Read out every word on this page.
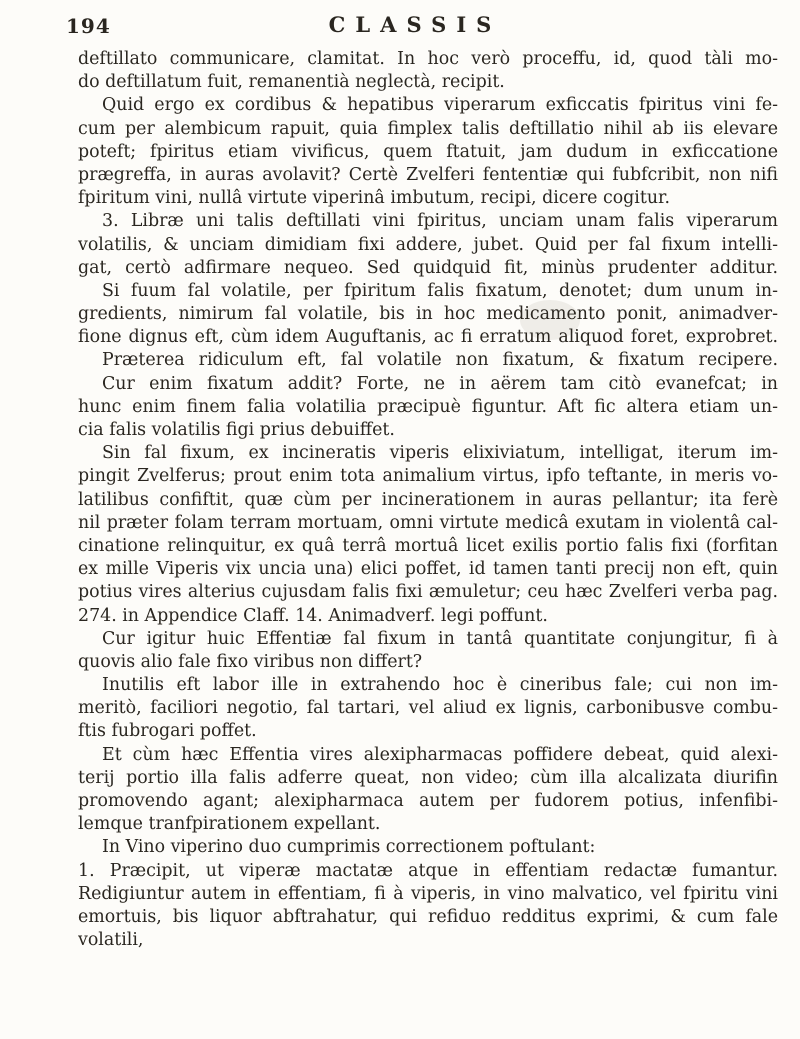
194	CLASSIS
deftillato communicare, clamitat. In hoc verò proceffu, id, quod tàli mo-
do deftillatum fuit, remanentià neglectà, recipit.
Quid ergo ex cordibus & hepatibus viperarum exficcatis fpiritus vini fe-
cum per alembicum rapuit, quia fimplex talis deftillatio nihil ab iis elevare
poteft; fpiritus etiam vivificus, quem ftatuit, jam dudum in exficcatione
prægreffa, in auras avolavit? Certè Zvelferi fententiæ qui fubfcribit, non nifi
fpiritum vini, nullâ virtute viperinâ imbutum, recipi, dicere cogitur.
3. Libræ uni talis deftillati vini fpiritus, unciam unam falis viperarum
volatilis, & unciam dimidiam fixi addere, jubet. Quid per fal fixum intelli-
gat, certò adfirmare nequeo. Sed quidquid fit, minùs prudenter additur.
Si fuum fal volatile, per fpiritum falis fixatum, denotet; dum unum in-
gredients, nimirum fal volatile, bis in hoc medicamento ponit, animadver-
fione dignus eft, cùm idem Auguftanis, ac fi erratum aliquod foret, exprobret.
Præterea ridiculum eft, fal volatile non fixatum, & fixatum recipere.
Cur enim fixatum addit? Forte, ne in aërem tam citò evanefcat; in
hunc enim finem falia volatilia præcipuè figuntur. Aft fic altera etiam un-
cia falis volatilis figi prius debuiffet.
Sin fal fixum, ex incineratis viperis elixiviatum, intelligat, iterum im-
pingit Zvelferus; prout enim tota animalium virtus, ipfo teftante, in meris vo-
latilibus confiftit, quæ cùm per incinerationem in auras pellantur; ita ferè
nil præter folam terram mortuam, omni virtute medicâ exutam in violentâ cal-
cinatione relinquitur, ex quâ terrâ mortuâ licet exilis portio falis fixi (forfitan
ex mille Viperis vix uncia una) elici poffet, id tamen tanti precij non eft, quin
potius vires alterius cujusdam falis fixi æmuletur; ceu hæc Zvelferi verba pag.
274. in Appendice Claff. 14. Animadverf. legi poffunt.
Cur igitur huic Effentiæ fal fixum in tantâ quantitate conjungitur, fi à
quovis alio fale fixo viribus non differt?
Inutilis eft labor ille in extrahendo hoc è cineribus fale; cui non im-
meritò, faciliori negotio, fal tartari, vel aliud ex lignis, carbonibusve combu-
ftis fubrogari poffet.
Et cùm hæc Effentia vires alexipharmacas poffidere debeat, quid alexi-
terij portio illa falis adferre queat, non video; cùm illa alcalizata diurifin
promovendo agant; alexipharmaca autem per fudorem potius, infenfibi-
lemque tranfpirationem expellant.
In Vino viperino duo cumprimis correctionem poftulant:
1. Præcipit, ut viperæ mactatæ atque in effentiam redactæ fumantur.
Redigiuntur autem in effentiam, fi à viperis, in vino malvatico, vel fpiritu vini
emortuis, bis liquor abftrahatur, qui refiduo redditus exprimi, & cum fale
volatili,
